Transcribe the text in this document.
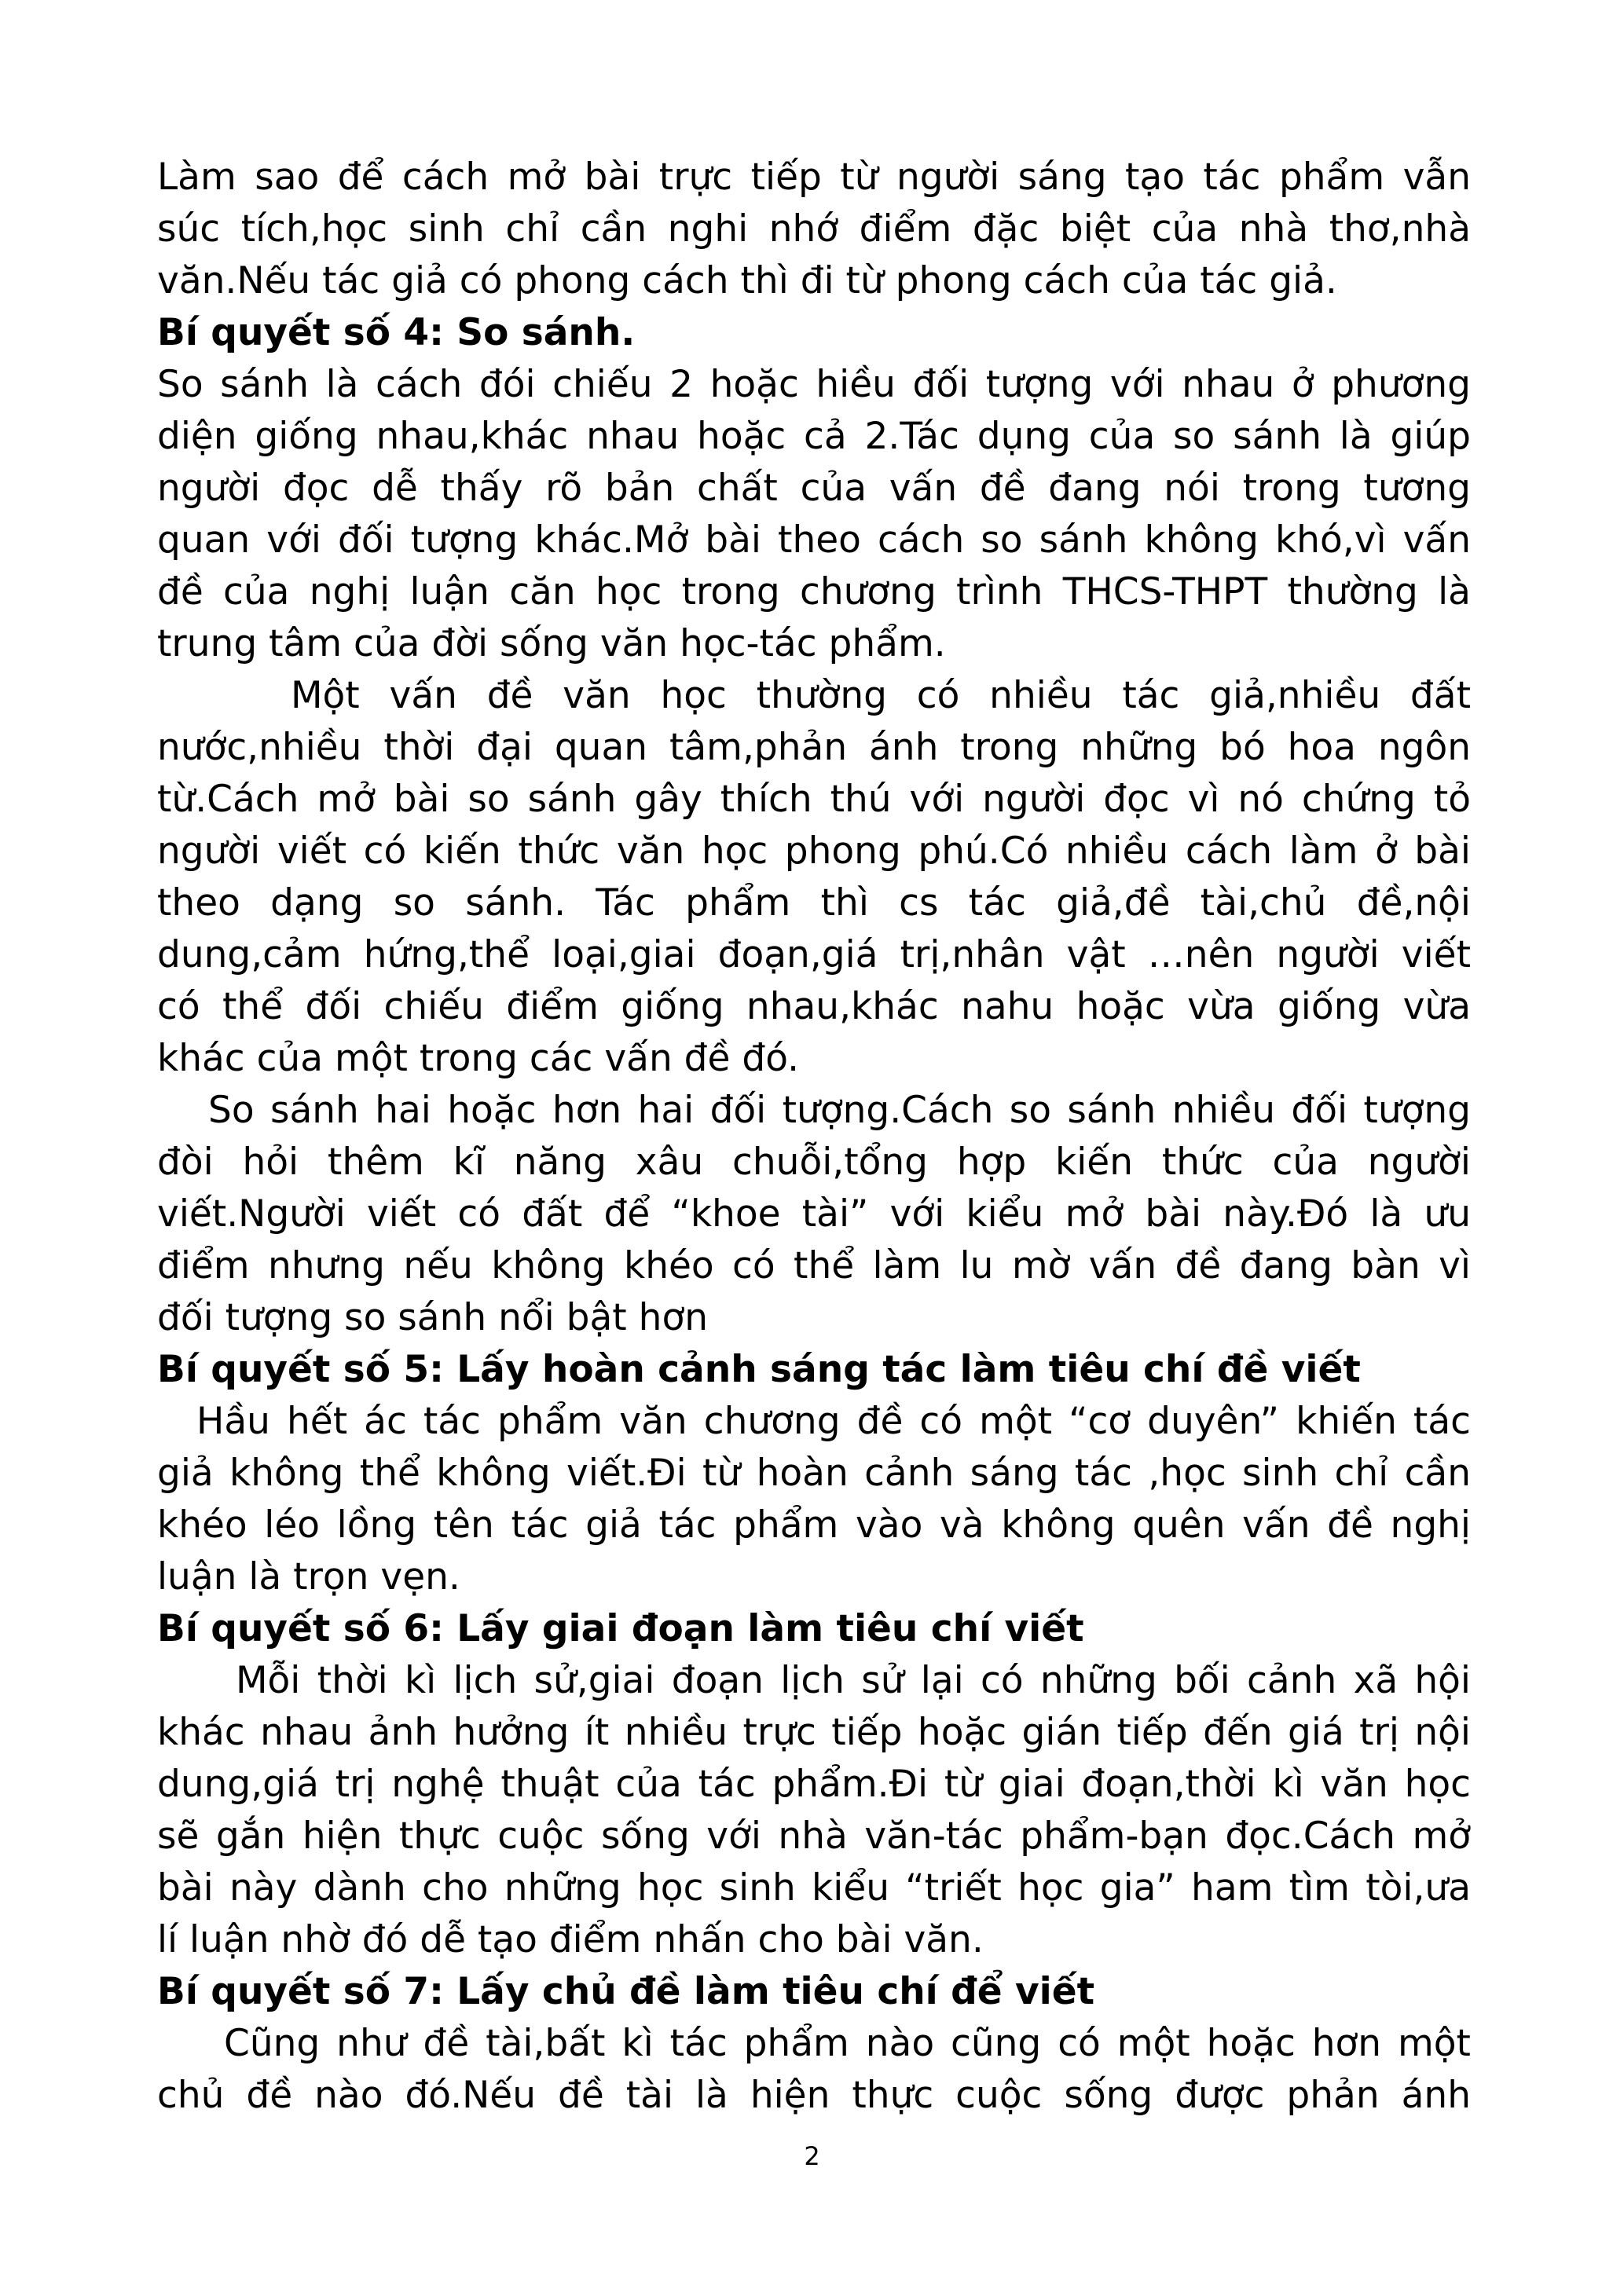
Làm sao để cách mở bài trực tiếp từ người sáng tạo tác phẩm vẫn
súc tích,học sinh chỉ cần nghi nhớ điểm đặc biệt của nhà thơ,nhà
văn.Nếu tác giả có phong cách thì đi từ phong cách của tác giả.
Bí quyết số 4: So sánh.
So sánh là cách đói chiếu 2 hoặc hiều đối tượng với nhau ở phương
diện giống nhau,khác nhau hoặc cả 2.Tác dụng của so sánh là giúp
người đọc dễ thấy rõ bản chất của vấn đề đang nói trong tương
quan với đối tượng khác.Mở bài theo cách so sánh không khó,vì vấn
đề của nghị luận căn học trong chương trình THCS-THPT thường là
trung tâm của đời sống văn học-tác phẩm.
Một vấn đề văn học thường có nhiều tác giả,nhiều đất
nước,nhiều thời đại quan tâm,phản ánh trong những bó hoa ngôn
từ.Cách mở bài so sánh gây thích thú với người đọc vì nó chứng tỏ
người viết có kiến thức văn học phong phú.Có nhiều cách làm ở bài
theo dạng so sánh. Tác phẩm thì cs tác giả,đề tài,chủ đề,nội
dung,cảm hứng,thể loại,giai đoạn,giá trị,nhân vật …nên người viết
có thể đối chiếu điểm giống nhau,khác nahu hoặc vừa giống vừa
khác của một trong các vấn đề đó.
So sánh hai hoặc hơn hai đối tượng.Cách so sánh nhiều đối tượng
đòi hỏi thêm kĩ năng xâu chuỗi,tổng hợp kiến thức của người
viết.Người viết có đất để “khoe tài” với kiểu mở bài này.Đó là ưu
điểm nhưng nếu không khéo có thể làm lu mờ vấn đề đang bàn vì
đối tượng so sánh nổi bật hơn
Bí quyết số 5: Lấy hoàn cảnh sáng tác làm tiêu chí đề viết
Hầu hết ác tác phẩm văn chương đề có một “cơ duyên” khiến tác
giả không thể không viết.Đi từ hoàn cảnh sáng tác ,học sinh chỉ cần
khéo léo lồng tên tác giả tác phẩm vào và không quên vấn đề nghị
luận là trọn vẹn.
Bí quyết số 6: Lấy giai đoạn làm tiêu chí viết
Mỗi thời kì lịch sử,giai đoạn lịch sử lại có những bối cảnh xã hội
khác nhau ảnh hưởng ít nhiều trực tiếp hoặc gián tiếp đến giá trị nội
dung,giá trị nghệ thuật của tác phẩm.Đi từ giai đoạn,thời kì văn học
sẽ gắn hiện thực cuộc sống với nhà văn-tác phẩm-bạn đọc.Cách mở
bài này dành cho những học sinh kiểu “triết học gia” ham tìm tòi,ưa
lí luận nhờ đó dễ tạo điểm nhấn cho bài văn.
Bí quyết số 7: Lấy chủ đề làm tiêu chí để viết
Cũng như đề tài,bất kì tác phẩm nào cũng có một hoặc hơn một
chủ đề nào đó.Nếu đề tài là hiện thực cuộc sống được phản ánh
2
